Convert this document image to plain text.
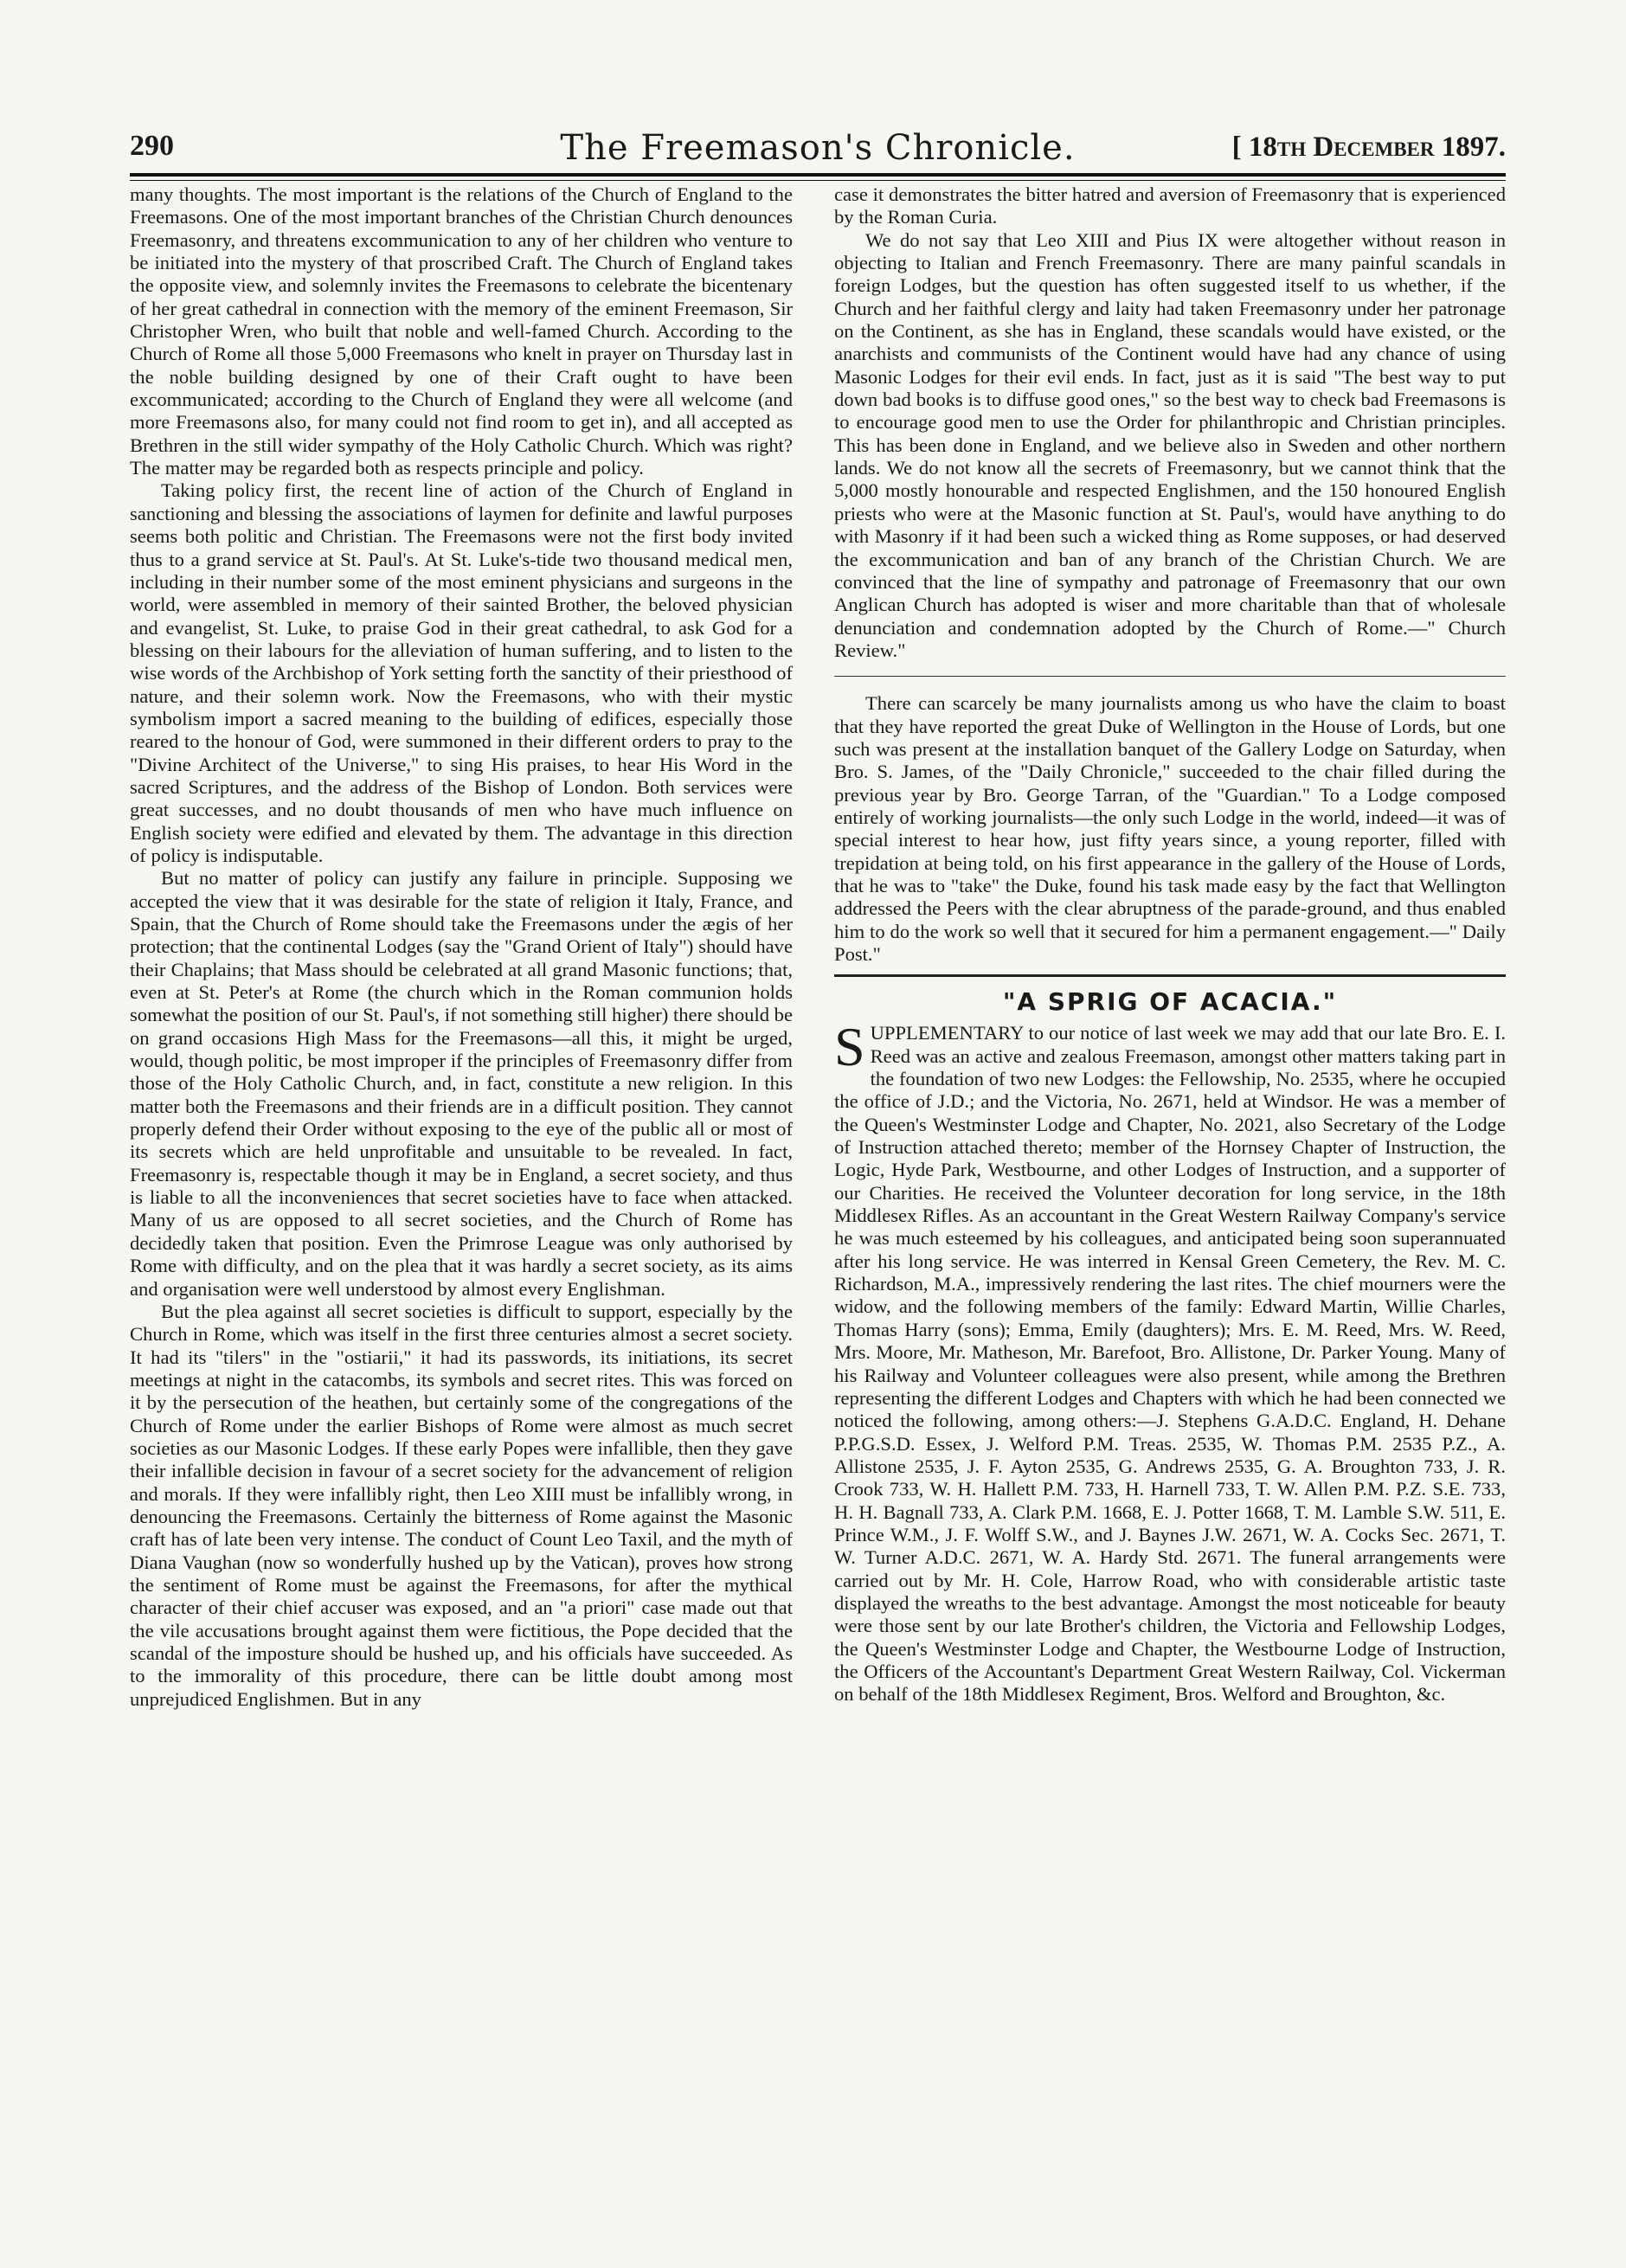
290	The Freemason's Chronicle.	[ 18th December 1897.

many thoughts. The most important is the relations of the Church of England to the Freemasons. One of the most important branches of the Christian Church denounces Freemasonry, and threatens excommunication to any of her children who venture to be initiated into the mystery of that proscribed Craft. The Church of England takes the opposite view, and solemnly invites the Freemasons to celebrate the bicentenary of her great cathedral in connection with the memory of the eminent Freemason, Sir Christopher Wren, who built that noble and well-famed Church. According to the Church of Rome all those 5,000 Freemasons who knelt in prayer on Thursday last in the noble building designed by one of their Craft ought to have been excommunicated; according to the Church of England they were all welcome (and more Freemasons also, for many could not find room to get in), and all accepted as Brethren in the still wider sympathy of the Holy Catholic Church. Which was right? The matter may be regarded both as respects principle and policy.

Taking policy first, the recent line of action of the Church of England in sanctioning and blessing the associations of laymen for definite and lawful purposes seems both politic and Christian. The Freemasons were not the first body invited thus to a grand service at St. Paul's. At St. Luke's-tide two thousand medical men, including in their number some of the most eminent physicians and surgeons in the world, were assembled in memory of their sainted Brother, the beloved physician and evangelist, St. Luke, to praise God in their great cathedral, to ask God for a blessing on their labours for the alleviation of human suffering, and to listen to the wise words of the Archbishop of York setting forth the sanctity of their priesthood of nature, and their solemn work. Now the Freemasons, who with their mystic symbolism import a sacred meaning to the building of edifices, especially those reared to the honour of God, were summoned in their different orders to pray to the "Divine Architect of the Universe," to sing His praises, to hear His Word in the sacred Scriptures, and the address of the Bishop of London. Both services were great successes, and no doubt thousands of men who have much influence on English society were edified and elevated by them. The advantage in this direction of policy is indisputable.

But no matter of policy can justify any failure in principle. Supposing we accepted the view that it was desirable for the state of religion it Italy, France, and Spain, that the Church of Rome should take the Freemasons under the ægis of her protection; that the continental Lodges (say the "Grand Orient of Italy") should have their Chaplains; that Mass should be celebrated at all grand Masonic functions; that, even at St. Peter's at Rome (the church which in the Roman communion holds somewhat the position of our St. Paul's, if not something still higher) there should be on grand occasions High Mass for the Freemasons—all this, it might be urged, would, though politic, be most improper if the principles of Freemasonry differ from those of the Holy Catholic Church, and, in fact, constitute a new religion. In this matter both the Freemasons and their friends are in a difficult position. They cannot properly defend their Order without exposing to the eye of the public all or most of its secrets which are held unprofitable and unsuitable to be revealed. In fact, Freemasonry is, respectable though it may be in England, a secret society, and thus is liable to all the inconveniences that secret societies have to face when attacked. Many of us are opposed to all secret societies, and the Church of Rome has decidedly taken that position. Even the Primrose League was only authorised by Rome with difficulty, and on the plea that it was hardly a secret society, as its aims and organisation were well understood by almost every Englishman.

But the plea against all secret societies is difficult to support, especially by the Church in Rome, which was itself in the first three centuries almost a secret society. It had its "tilers" in the "ostiarii," it had its passwords, its initiations, its secret meetings at night in the catacombs, its symbols and secret rites. This was forced on it by the persecution of the heathen, but certainly some of the congregations of the Church of Rome under the earlier Bishops of Rome were almost as much secret societies as our Masonic Lodges. If these early Popes were infallible, then they gave their infallible decision in favour of a secret society for the advancement of religion and morals. If they were infallibly right, then Leo XIII must be infallibly wrong, in denouncing the Freemasons. Certainly the bitterness of Rome against the Masonic craft has of late been very intense. The conduct of Count Leo Taxil, and the myth of Diana Vaughan (now so wonderfully hushed up by the Vatican), proves how strong the sentiment of Rome must be against the Freemasons, for after the mythical character of their chief accuser was exposed, and an "a priori" case made out that the vile accusations brought against them were fictitious, the Pope decided that the scandal of the imposture should be hushed up, and his officials have succeeded. As to the immorality of this procedure, there can be little doubt among most unprejudiced Englishmen. But in any

case it demonstrates the bitter hatred and aversion of Freemasonry that is experienced by the Roman Curia.

We do not say that Leo XIII and Pius IX were altogether without reason in objecting to Italian and French Freemasonry. There are many painful scandals in foreign Lodges, but the question has often suggested itself to us whether, if the Church and her faithful clergy and laity had taken Freemasonry under her patronage on the Continent, as she has in England, these scandals would have existed, or the anarchists and communists of the Continent would have had any chance of using Masonic Lodges for their evil ends. In fact, just as it is said "The best way to put down bad books is to diffuse good ones," so the best way to check bad Freemasons is to encourage good men to use the Order for philanthropic and Christian principles. This has been done in England, and we believe also in Sweden and other northern lands. We do not know all the secrets of Freemasonry, but we cannot think that the 5,000 mostly honourable and respected Englishmen, and the 150 honoured English priests who were at the Masonic function at St. Paul's, would have anything to do with Masonry if it had been such a wicked thing as Rome supposes, or had deserved the excommunication and ban of any branch of the Christian Church. We are convinced that the line of sympathy and patronage of Freemasonry that our own Anglican Church has adopted is wiser and more charitable than that of wholesale denunciation and condemnation adopted by the Church of Rome.—" Church Review."

There can scarcely be many journalists among us who have the claim to boast that they have reported the great Duke of Wellington in the House of Lords, but one such was present at the installation banquet of the Gallery Lodge on Saturday, when Bro. S. James, of the "Daily Chronicle," succeeded to the chair filled during the previous year by Bro. George Tarran, of the "Guardian." To a Lodge composed entirely of working journalists—the only such Lodge in the world, indeed—it was of special interest to hear how, just fifty years since, a young reporter, filled with trepidation at being told, on his first appearance in the gallery of the House of Lords, that he was to "take" the Duke, found his task made easy by the fact that Wellington addressed the Peers with the clear abruptness of the parade-ground, and thus enabled him to do the work so well that it secured for him a permanent engagement.—" Daily Post."

"A SPRIG OF ACACIA."

SUPPLEMENTARY to our notice of last week we may add that our late Bro. E. I. Reed was an active and zealous Freemason, amongst other matters taking part in the foundation of two new Lodges: the Fellowship, No. 2535, where he occupied the office of J.D.; and the Victoria, No. 2671, held at Windsor. He was a member of the Queen's Westminster Lodge and Chapter, No. 2021, also Secretary of the Lodge of Instruction attached thereto; member of the Hornsey Chapter of Instruction, the Logic, Hyde Park, Westbourne, and other Lodges of Instruction, and a supporter of our Charities. He received the Volunteer decoration for long service, in the 18th Middlesex Rifles. As an accountant in the Great Western Railway Company's service he was much esteemed by his colleagues, and anticipated being soon superannuated after his long service. He was interred in Kensal Green Cemetery, the Rev. M. C. Richardson, M.A., impressively rendering the last rites. The chief mourners were the widow, and the following members of the family: Edward Martin, Willie Charles, Thomas Harry (sons); Emma, Emily (daughters); Mrs. E. M. Reed, Mrs. W. Reed, Mrs. Moore, Mr. Matheson, Mr. Barefoot, Bro. Allistone, Dr. Parker Young. Many of his Railway and Volunteer colleagues were also present, while among the Brethren representing the different Lodges and Chapters with which he had been connected we noticed the following, among others:—J. Stephens G.A.D.C. England, H. Dehane P.P.G.S.D. Essex, J. Welford P.M. Treas. 2535, W. Thomas P.M. 2535 P.Z., A. Allistone 2535, J. F. Ayton 2535, G. Andrews 2535, G. A. Broughton 733, J. R. Crook 733, W. H. Hallett P.M. 733, H. Harnell 733, T. W. Allen P.M. P.Z. S.E. 733, H. H. Bagnall 733, A. Clark P.M. 1668, E. J. Potter 1668, T. M. Lamble S.W. 511, E. Prince W.M., J. F. Wolff S.W., and J. Baynes J.W. 2671, W. A. Cocks Sec. 2671, T. W. Turner A.D.C. 2671, W. A. Hardy Std. 2671. The funeral arrangements were carried out by Mr. H. Cole, Harrow Road, who with considerable artistic taste displayed the wreaths to the best advantage. Amongst the most noticeable for beauty were those sent by our late Brother's children, the Victoria and Fellowship Lodges, the Queen's Westminster Lodge and Chapter, the Westbourne Lodge of Instruction, the Officers of the Accountant's Department Great Western Railway, Col. Vickerman on behalf of the 18th Middlesex Regiment, Bros. Welford and Broughton, &c.
